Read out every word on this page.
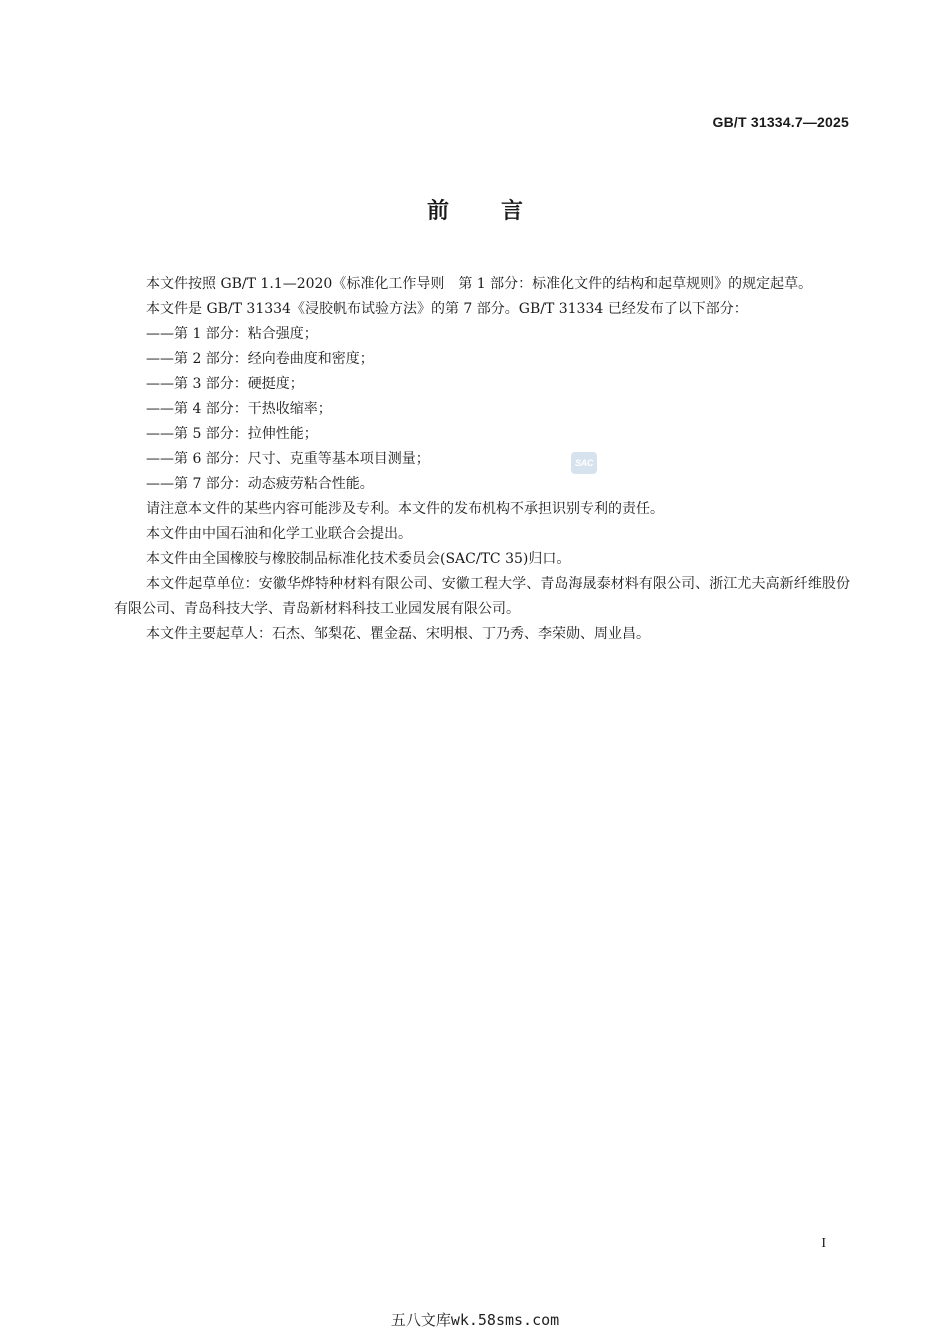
GB/T 31334.7—2025
前言

本文件按照 GB/T 1.1—2020《标准化工作导则　第 1 部分：标准化文件的结构和起草规则》的规定起草。

本文件是 GB/T 31334《浸胶帆布试验方法》的第 7 部分。GB/T 31334 已经发布了以下部分：

——第 1 部分：粘合强度；

——第 2 部分：经向卷曲度和密度；

——第 3 部分：硬挺度；

——第 4 部分：干热收缩率；

——第 5 部分：拉伸性能；

——第 6 部分：尺寸、克重等基本项目测量；

——第 7 部分：动态疲劳粘合性能。

请注意本文件的某些内容可能涉及专利。本文件的发布机构不承担识别专利的责任。

本文件由中国石油和化学工业联合会提出。

本文件由全国橡胶与橡胶制品标准化技术委员会(SAC/TC 35)归口。

本文件起草单位：安徽华烨特种材料有限公司、安徽工程大学、青岛海晟泰材料有限公司、浙江尤夫高新纤维股份有限公司、青岛科技大学、青岛新材料科技工业园发展有限公司。

本文件主要起草人：石杰、邹梨花、瞿金磊、宋明根、丁乃秀、李荣勋、周业昌。

SAC
I
五八文库wk.58sms.com
